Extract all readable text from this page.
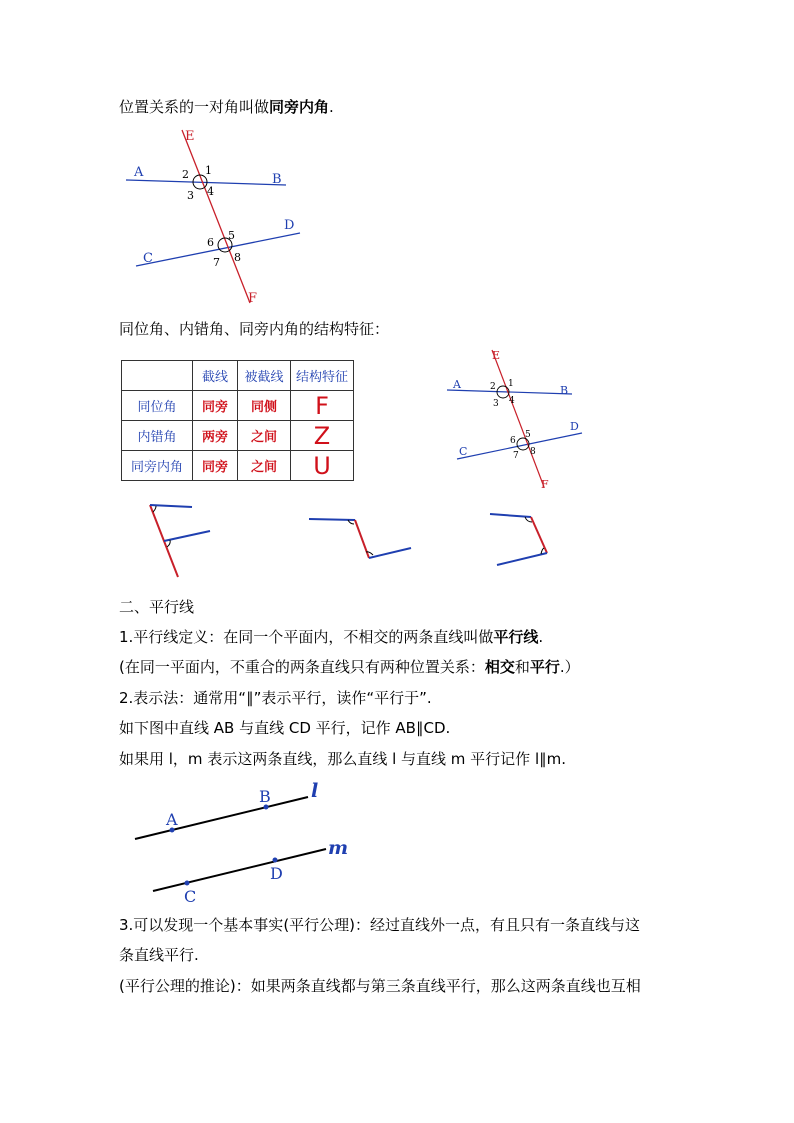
位置关系的一对角叫做同旁内角.
E
F
A	B
C
D
1
2
3 4
5
6
7 8
同位角、内错角、同旁内角的结构特征：
	截线	被截线	结构特征
同位角	同旁	同侧	F
内错角	两旁	之间	Z
同旁内角	同旁	之间	U
E
F
A	B
C
D
1
2
3 4
5
6
7 8
二、平行线
1.平行线定义：在同一个平面内，不相交的两条直线叫做平行线.
(在同一平面内，不重合的两条直线只有两种位置关系：相交和平行.）
2.表示法：通常用“∥”表示平行，读作“平行于”.
如下图中直线 AB 与直线 CD 平行，记作 AB∥CD.
如果用 l，m 表示这两条直线，那么直线 l 与直线 m 平行记作 l∥m.
A
B
C
D
l
m
3.可以发现一个基本事实(平行公理)：经过直线外一点，有且只有一条直线与这
条直线平行.
(平行公理的推论)：如果两条直线都与第三条直线平行，那么这两条直线也互相
